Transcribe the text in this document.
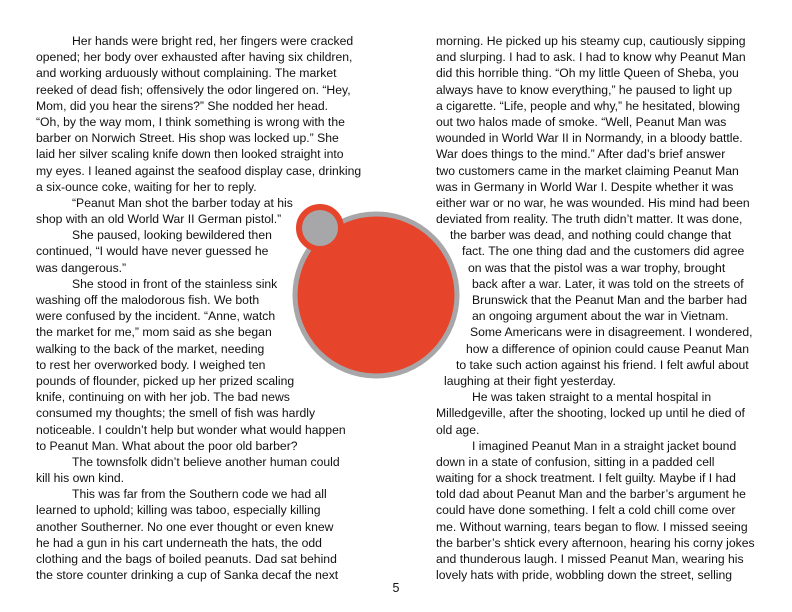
Her hands were bright red, her fingers were cracked
opened; her body over exhausted after having six children,
and working arduously without complaining. The market
reeked of dead fish; offensively the odor lingered on. “Hey,
Mom, did you hear the sirens?” She nodded her head.
“Oh, by the way mom, I think something is wrong with the
barber on Norwich Street. His shop was locked up.” She
laid her silver scaling knife down then looked straight into
my eyes. I leaned against the seafood display case, drinking
a six-ounce coke, waiting for her to reply.
“Peanut Man shot the barber today at his
shop with an old World War II German pistol.”
She paused, looking bewildered then
continued, “I would have never guessed he
was dangerous.”
She stood in front of the stainless sink
washing off the malodorous fish. We both
were confused by the incident. “Anne, watch
the market for me,” mom said as she began
walking to the back of the market, needing
to rest her overworked body. I weighed ten
pounds of flounder, picked up her prized scaling
knife, continuing on with her job. The bad news
consumed my thoughts; the smell of fish was hardly
noticeable. I couldn’t help but wonder what would happen
to Peanut Man. What about the poor old barber?
The townsfolk didn’t believe another human could
kill his own kind.
This was far from the Southern code we had all
learned to uphold; killing was taboo, especially killing
another Southerner. No one ever thought or even knew
he had a gun in his cart underneath the hats, the odd
clothing and the bags of boiled peanuts. Dad sat behind
the store counter drinking a cup of Sanka decaf the next
morning. He picked up his steamy cup, cautiously sipping
and slurping. I had to ask. I had to know why Peanut Man
did this horrible thing. “Oh my little Queen of Sheba, you
always have to know everything,” he paused to light up
a cigarette. “Life, people and why,” he hesitated, blowing
out two halos made of smoke. “Well, Peanut Man was
wounded in World War II in Normandy, in a bloody battle.
War does things to the mind.” After dad’s brief answer
two customers came in the market claiming Peanut Man
was in Germany in World War I. Despite whether it was
either war or no war, he was wounded. His mind had been
deviated from reality. The truth didn’t matter. It was done,
the barber was dead, and nothing could change that
fact. The one thing dad and the customers did agree
on was that the pistol was a war trophy, brought
back after a war. Later, it was told on the streets of
Brunswick that the Peanut Man and the barber had
an ongoing argument about the war in Vietnam.
Some Americans were in disagreement. I wondered,
how a difference of opinion could cause Peanut Man
to take such action against his friend. I felt awful about
laughing at their fight yesterday.
He was taken straight to a mental hospital in
Milledgeville, after the shooting, locked up until he died of
old age.
I imagined Peanut Man in a straight jacket bound
down in a state of confusion, sitting in a padded cell
waiting for a shock treatment. I felt guilty. Maybe if I had
told dad about Peanut Man and the barber’s argument he
could have done something. I felt a cold chill come over
me. Without warning, tears began to flow. I missed seeing
the barber’s shtick every afternoon, hearing his corny jokes
and thunderous laugh. I missed Peanut Man, wearing his
lovely hats with pride, wobbling down the street, selling
5
